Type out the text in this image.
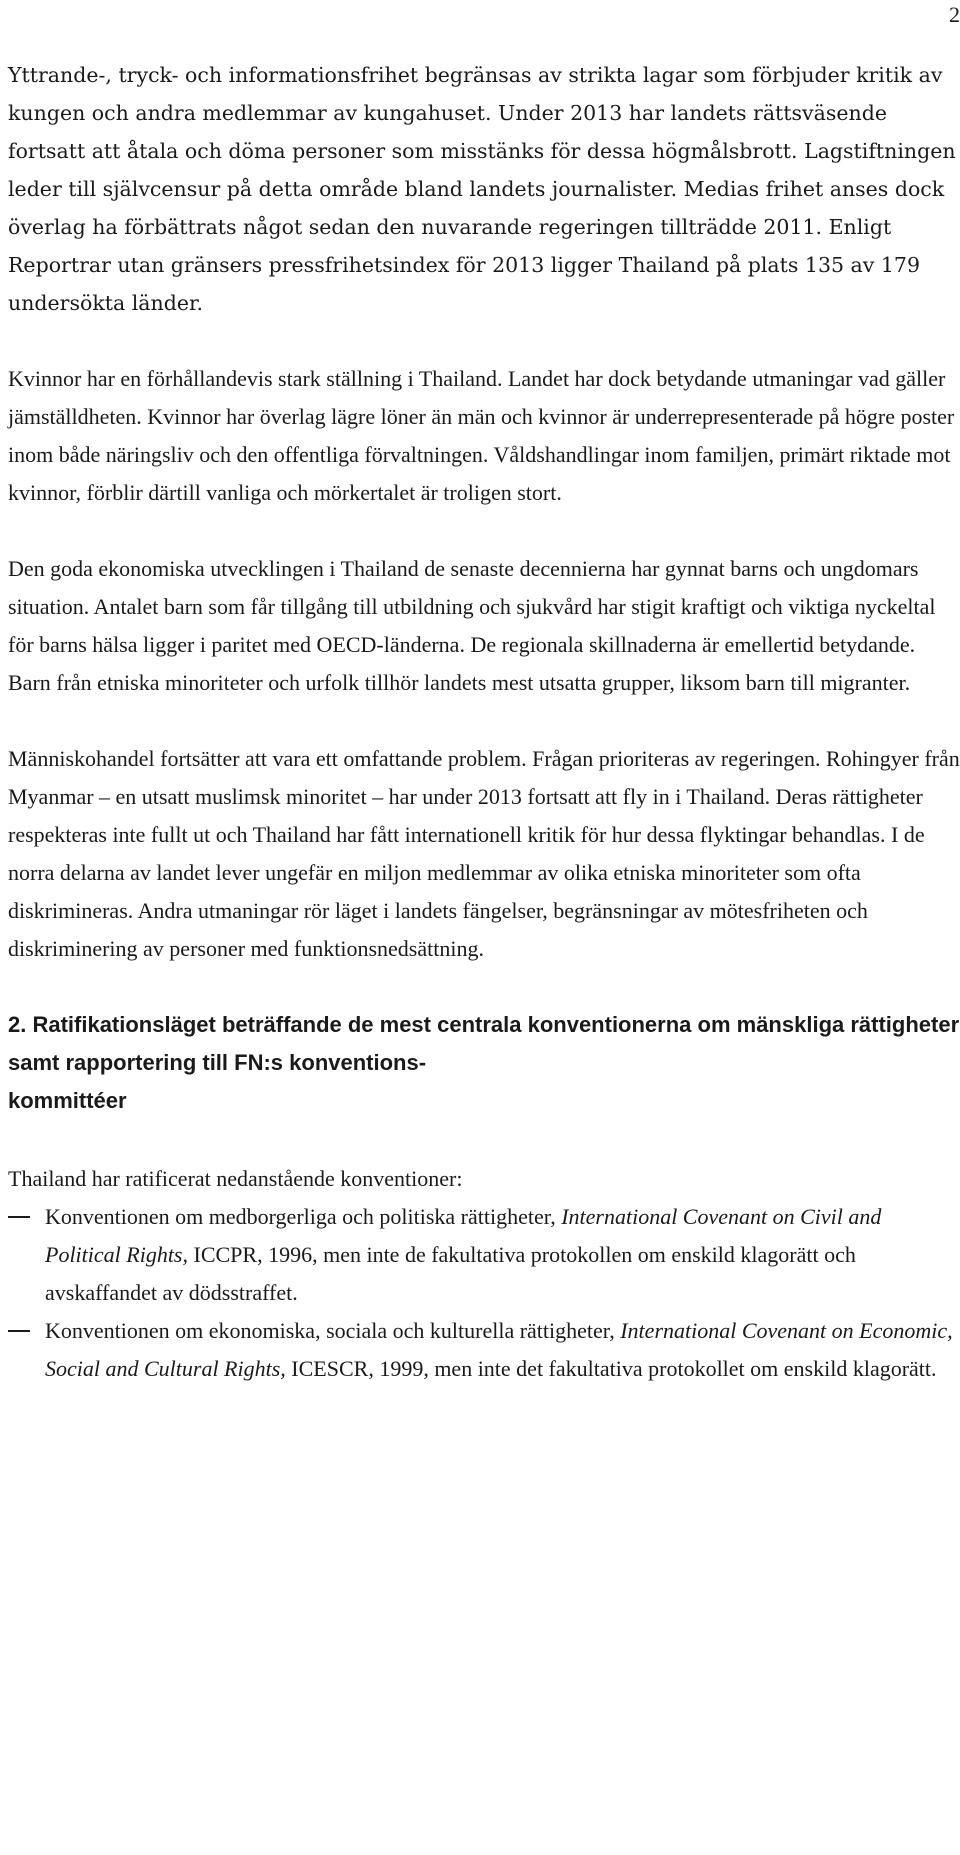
2

Yttrande-, tryck- och informationsfrihet begränsas av strikta lagar som förbjuder kritik av kungen och andra medlemmar av kungahuset. Under 2013 har landets rättsväsende fortsatt att åtala och döma personer som misstänks för dessa högmålsbrott. Lagstiftningen leder till självcensur på detta område bland landets journalister. Medias frihet anses dock överlag ha förbättrats något sedan den nuvarande regeringen tillträdde 2011. Enligt Reportrar utan gränsers pressfrihetsindex för 2013 ligger Thailand på plats 135 av 179 undersökta länder.

Kvinnor har en förhållandevis stark ställning i Thailand. Landet har dock betydande utmaningar vad gäller jämställdheten. Kvinnor har överlag lägre löner än män och kvinnor är underrepresenterade på högre poster inom både näringsliv och den offentliga förvaltningen. Våldshandlingar inom familjen, primärt riktade mot kvinnor, förblir därtill vanliga och mörkertalet är troligen stort.

Den goda ekonomiska utvecklingen i Thailand de senaste decennierna har gynnat barns och ungdomars situation. Antalet barn som får tillgång till utbildning och sjukvård har stigit kraftigt och viktiga nyckeltal för barns hälsa ligger i paritet med OECD-länderna. De regionala skillnaderna är emellertid betydande. Barn från etniska minoriteter och urfolk tillhör landets mest utsatta grupper, liksom barn till migranter.

Människohandel fortsätter att vara ett omfattande problem. Frågan prioriteras av regeringen. Rohingyer från Myanmar – en utsatt muslimsk minoritet – har under 2013 fortsatt att fly in i Thailand. Deras rättigheter respekteras inte fullt ut och Thailand har fått internationell kritik för hur dessa flyktingar behandlas. I de norra delarna av landet lever ungefär en miljon medlemmar av olika etniska minoriteter som ofta diskrimineras. Andra utmaningar rör läget i landets fängelser, begränsningar av mötesfriheten och diskriminering av personer med funktionsnedsättning.

2. Ratifikationsläget beträffande de mest centrala konventionerna om mänskliga rättigheter samt rapportering till FN:s konventions-
kommittéer

Thailand har ratificerat nedanstående konventioner:

Konventionen om medborgerliga och politiska rättigheter, International Covenant on Civil and Political Rights, ICCPR, 1996, men inte de fakultativa protokollen om enskild klagorätt och avskaffandet av dödsstraffet.
Konventionen om ekonomiska, sociala och kulturella rättigheter, International Covenant on Economic, Social and Cultural Rights, ICESCR, 1999, men inte det fakultativa protokollet om enskild klagorätt.
